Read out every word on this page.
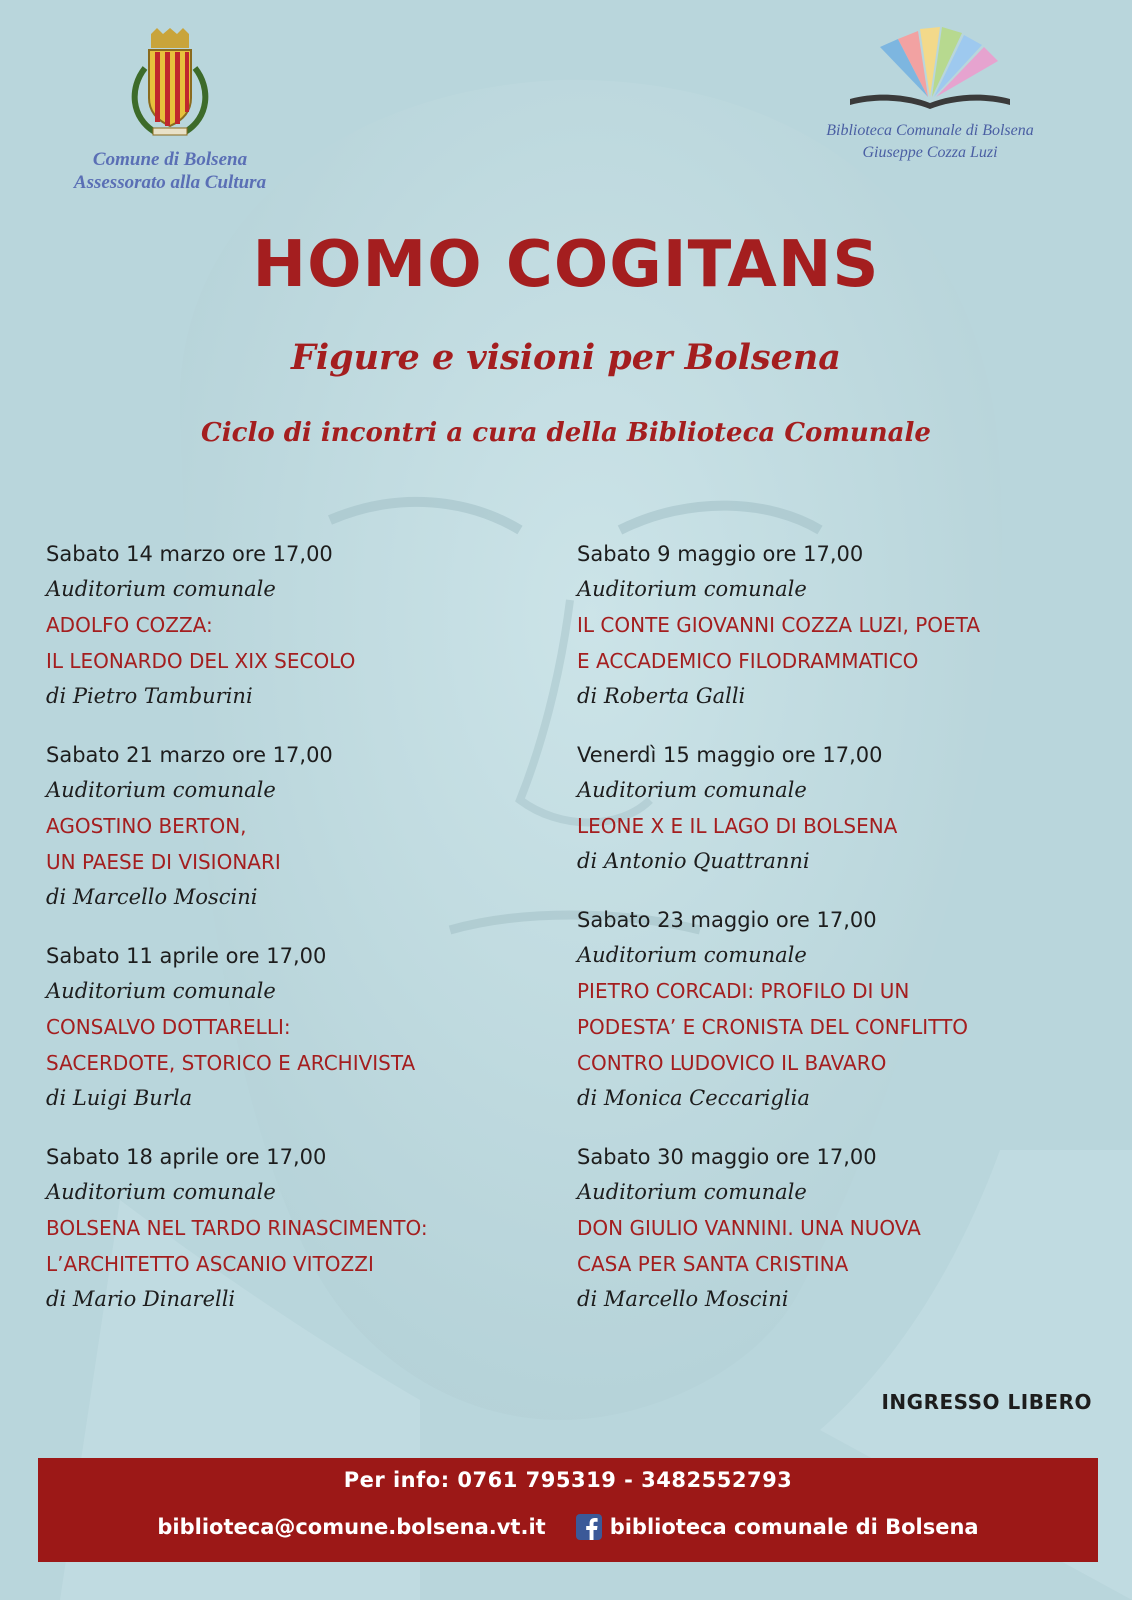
Comune di Bolsena
Assessorato alla Cultura
Biblioteca Comunale di Bolsena
Giuseppe Cozza Luzi
HOMO COGITANS
Figure e visioni per Bolsena
Ciclo di incontri a cura della Biblioteca Comunale
Sabato 14 marzo ore 17,00
Auditorium comunale
ADOLFO COZZA:
IL LEONARDO DEL XIX SECOLO
di Pietro Tamburini
Sabato 21 marzo ore 17,00
Auditorium comunale
AGOSTINO BERTON,
UN PAESE DI VISIONARI
di Marcello Moscini
Sabato 11 aprile ore 17,00
Auditorium comunale
CONSALVO DOTTARELLI:
SACERDOTE, STORICO E ARCHIVISTA
di Luigi Burla
Sabato 18 aprile ore 17,00
Auditorium comunale
BOLSENA NEL TARDO RINASCIMENTO:
L’ARCHITETTO ASCANIO VITOZZI
di Mario Dinarelli
Sabato 9 maggio ore 17,00
Auditorium comunale
IL CONTE GIOVANNI COZZA LUZI, POETA
E ACCADEMICO FILODRAMMATICO
di Roberta Galli
Venerdì 15 maggio ore 17,00
Auditorium comunale
LEONE X E IL LAGO DI BOLSENA
di Antonio Quattranni
Sabato 23 maggio ore 17,00
Auditorium comunale
PIETRO CORCADI: PROFILO DI UN
PODESTA’ E CRONISTA DEL CONFLITTO
CONTRO LUDOVICO IL BAVARO
di Monica Ceccariglia
Sabato 30 maggio ore 17,00
Auditorium comunale
DON GIULIO VANNINI. UNA NUOVA
CASA PER SANTA CRISTINA
di Marcello Moscini
INGRESSO LIBERO
Per info: 0761 795319 - 3482552793
biblioteca@comune.bolsena.vt.it	biblioteca comunale di Bolsena
